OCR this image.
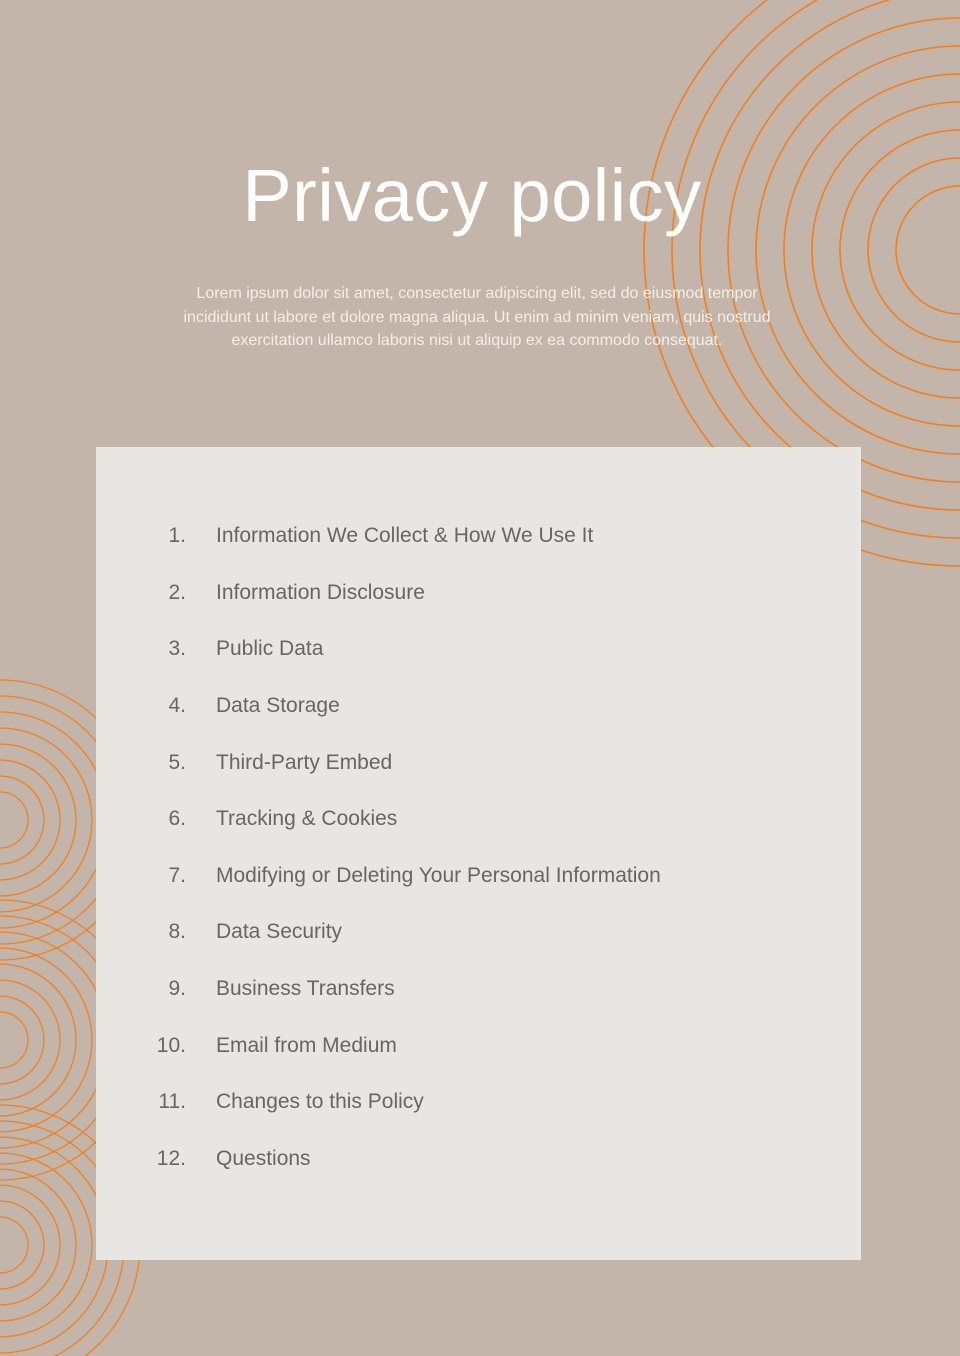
Privacy policy

Lorem ipsum dolor sit amet, consectetur adipiscing elit, sed do eiusmod tempor incididunt ut labore et dolore magna aliqua. Ut enim ad minim veniam, quis nostrud exercitation ullamco laboris nisi ut aliquip ex ea commodo consequat.

1. Information We Collect & How We Use It
2. Information Disclosure
3. Public Data
4. Data Storage
5. Third-Party Embed
6. Tracking & Cookies
7. Modifying or Deleting Your Personal Information
8. Data Security
9. Business Transfers
10. Email from Medium
11. Changes to this Policy
12. Questions
